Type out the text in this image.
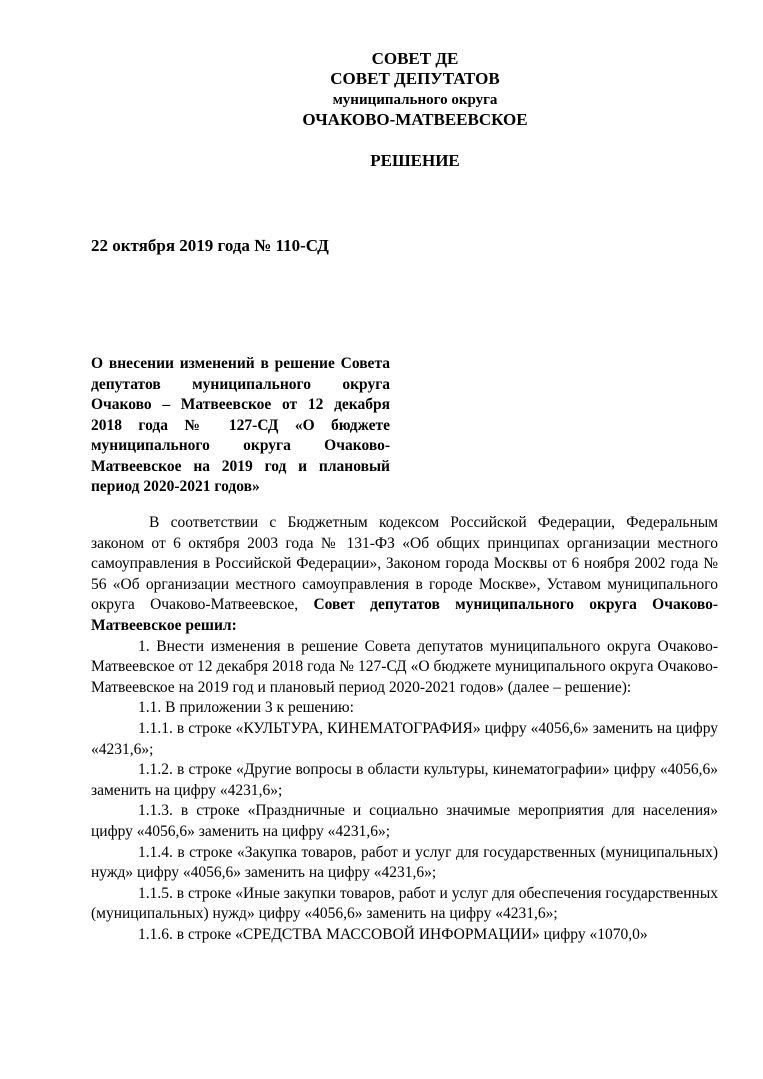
СОВЕТ ДЕ
СОВЕТ ДЕПУТАТОВ
муниципального округа
ОЧАКОВО-МАТВЕЕВСКОЕ
РЕШЕНИЕ
22 октября 2019 года № 110-СД
О внесении изменений в решение Совета депутатов муниципального округа Очаково – Матвеевское от 12 декабря 2018 года № 127-СД «О бюджете муниципального округа Очаково-Матвеевское на 2019 год и плановый период 2020-2021 годов»

В соответствии с Бюджетным кодексом Российской Федерации, Федеральным законом от 6 октября 2003 года № 131-ФЗ «Об общих принципах организации местного самоуправления в Российской Федерации», Законом города Москвы от 6 ноября 2002 года № 56 «Об организации местного самоуправления в городе Москве», Уставом муниципального округа Очаково-Матвеевское, Совет депутатов муниципального округа Очаково-Матвеевское решил:

1. Внести изменения в решение Совета депутатов муниципального округа Очаково-Матвеевское от 12 декабря 2018 года № 127-СД «О бюджете муниципального округа Очаково-Матвеевское на 2019 год и плановый период 2020-2021 годов» (далее – решение):

1.1. В приложении 3 к решению:

1.1.1. в строке «КУЛЬТУРА, КИНЕМАТОГРАФИЯ» цифру «4056,6» заменить на цифру «4231,6»;

1.1.2. в строке «Другие вопросы в области культуры, кинематографии» цифру «4056,6» заменить на цифру «4231,6»;

1.1.3. в строке «Праздничные и социально значимые мероприятия для населения» цифру «4056,6» заменить на цифру «4231,6»;

1.1.4. в строке «Закупка товаров, работ и услуг для государственных (муниципальных) нужд» цифру «4056,6» заменить на цифру «4231,6»;

1.1.5. в строке «Иные закупки товаров, работ и услуг для обеспечения государственных (муниципальных) нужд» цифру «4056,6» заменить на цифру «4231,6»;

1.1.6. в строке «СРЕДСТВА МАССОВОЙ ИНФОРМАЦИИ» цифру «1070,0»
